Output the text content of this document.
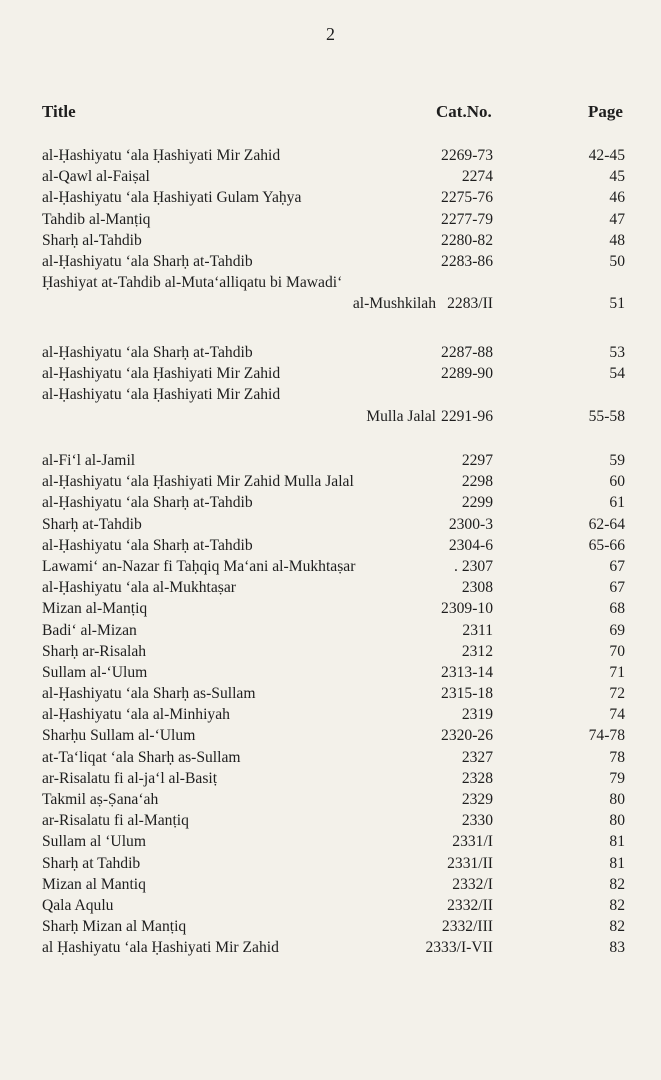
2
Title	Cat.No.	Page
al-Ḥashiyatu ‘ala Ḥashiyati Mir Zahid	2269-73	42-45
al-Qawl al-Faiṣal	2274	45
al-Ḥashiyatu ‘ala Ḥashiyati Gulam Yaḥya	2275-76	46
Tahdib al-Manṭiq	2277-79	47
Sharḥ al-Tahdib	2280-82	48
al-Ḥashiyatu ‘ala Sharḥ at-Tahdib	2283-86	50
Ḥashiyat at-Tahdib al-Muta‘alliqatu bi Mawadi‘
al-Mushkilah 2283/II	51
al-Ḥashiyatu ‘ala Sharḥ at-Tahdib	2287-88	53
al-Ḥashiyatu ‘ala Ḥashiyati Mir Zahid	2289-90	54
al-Ḥashiyatu ‘ala Ḥashiyati Mir Zahid
Mulla Jalal 2291-96	55-58
al-Fi‘l al-Jamil	2297	59
al-Ḥashiyatu ‘ala Ḥashiyati Mir Zahid Mulla Jalal	2298	60
al-Ḥashiyatu ‘ala Sharḥ at-Tahdib	2299	61
Sharḥ at-Tahdib	2300-3	62-64
al-Ḥashiyatu ‘ala Sharḥ at-Tahdib	2304-6	65-66
Lawami‘ an-Nazar fi Taḥqiq Ma‘ani al-Mukhtaṣar	. 2307	67
al-Ḥashiyatu ‘ala al-Mukhtaṣar	2308	67
Mizan al-Manṭiq	2309-10	68
Badi‘ al-Mizan	2311	69
Sharḥ ar-Risalah	2312	70
Sullam al-‘Ulum	2313-14	71
al-Ḥashiyatu ‘ala Sharḥ as-Sullam	2315-18	72
al-Ḥashiyatu ‘ala al-Minhiyah	2319	74
Sharḥu Sullam al-‘Ulum	2320-26	74-78
at-Ta‘liqat ‘ala Sharḥ as-Sullam	2327	78
ar-Risalatu fi al-ja‘l al-Basiṭ	2328	79
Takmil aṣ-Ṣana‘ah	2329	80
ar-Risalatu fi al-Manṭiq	2330	80
Sullam al ‘Ulum	2331/I	81
Sharḥ at Tahdib	2331/II	81
Mizan al Mantiq	2332/I	82
Qala Aqulu	2332/II	82
Sharḥ Mizan al Manṭiq	2332/III	82
al Ḥashiyatu ‘ala Ḥashiyati Mir Zahid	2333/I-VII	83
